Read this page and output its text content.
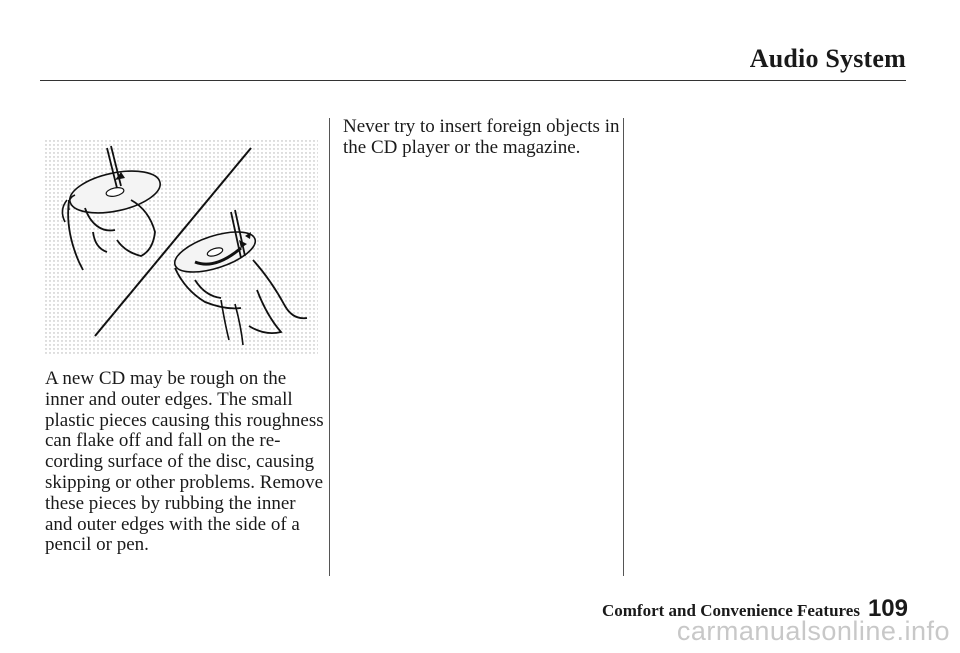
Audio System
A new CD may be rough on the
inner and outer edges. The small
plastic pieces causing this roughness
can flake off and fall on the re-
cording surface of the disc, causing
skipping or other problems. Remove
these pieces by rubbing the inner
and outer edges with the side of a
pencil or pen.
Never try to insert foreign objects in
the CD player or the magazine.
Comfort and Convenience Features 109
carmanualsonline.info
